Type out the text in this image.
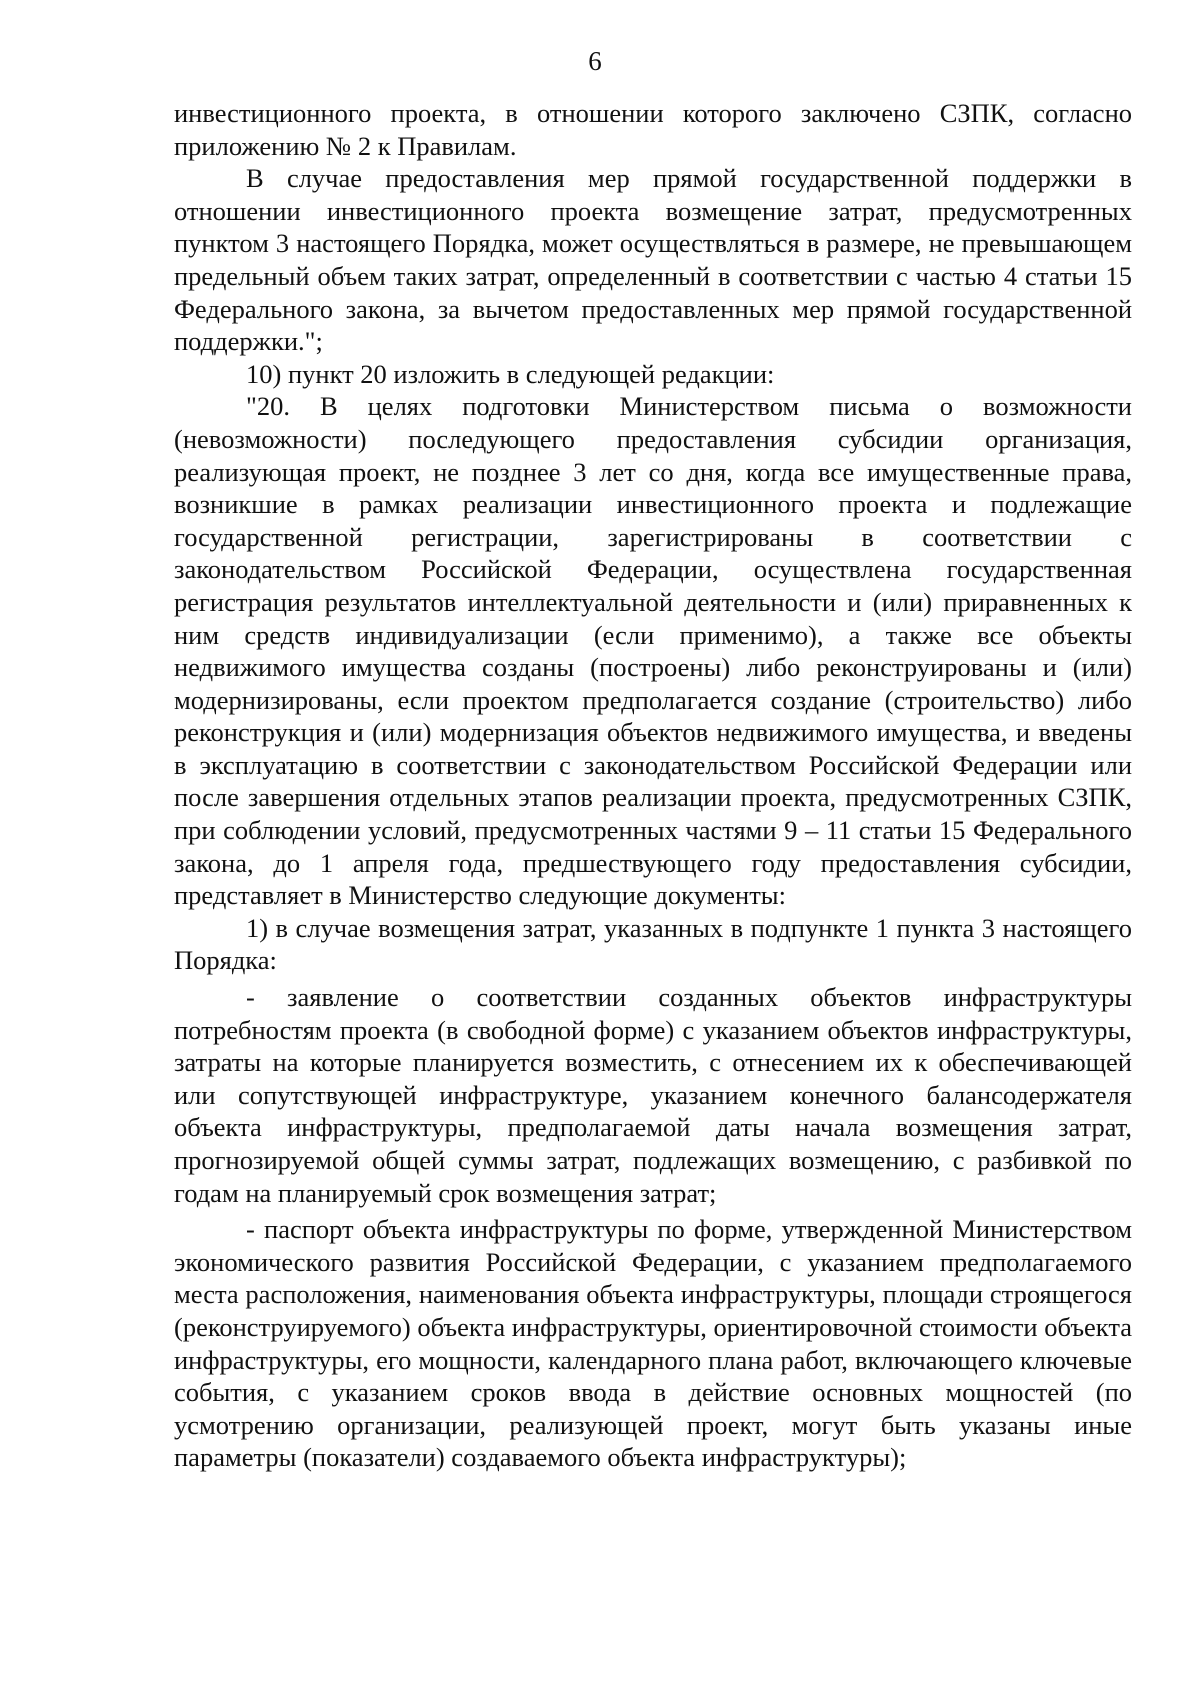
6

инвестиционного проекта, в отношении которого заключено СЗПК, согласно приложению № 2 к Правилам.

В случае предоставления мер прямой государственной поддержки в отношении инвестиционного проекта возмещение затрат, предусмотренных пунктом 3 настоящего Порядка, может осуществляться в размере, не превышающем предельный объем таких затрат, определенный в соответствии с частью 4 статьи 15 Федерального закона, за вычетом предоставленных мер прямой государственной поддержки.";

10) пункт 20 изложить в следующей редакции:

"20. В целях подготовки Министерством письма о возможности (невозможности) последующего предоставления субсидии организация, реализующая проект, не позднее 3 лет со дня, когда все имущественные права, возникшие в рамках реализации инвестиционного проекта и подлежащие государственной регистрации, зарегистрированы в соответствии с законодательством Российской Федерации, осуществлена государственная регистрация результатов интеллектуальной деятельности и (или) приравненных к ним средств индивидуализации (если применимо), а также все объекты недвижимого имущества созданы (построены) либо реконструированы и (или) модернизированы, если проектом предполагается создание (строительство) либо реконструкция и (или) модернизация объектов недвижимого имущества, и введены в эксплуатацию в соответствии с законодательством Российской Федерации или после завершения отдельных этапов реализации проекта, предусмотренных СЗПК, при соблюдении условий, предусмотренных частями 9 – 11 статьи 15 Федерального закона, до 1 апреля года, предшествующего году предоставления субсидии, представляет в Министерство следующие документы:

1) в случае возмещения затрат, указанных в подпункте 1 пункта 3 настоящего Порядка:

- заявление о соответствии созданных объектов инфраструктуры потребностям проекта (в свободной форме) с указанием объектов инфраструктуры, затраты на которые планируется возместить, с отнесением их к обеспечивающей или сопутствующей инфраструктуре, указанием конечного балансодержателя объекта инфраструктуры, предполагаемой даты начала возмещения затрат, прогнозируемой общей суммы затрат, подлежащих возмещению, с разбивкой по годам на планируемый срок возмещения затрат;

- паспорт объекта инфраструктуры по форме, утвержденной Министерством экономического развития Российской Федерации, с указанием предполагаемого места расположения, наименования объекта инфраструктуры, площади строящегося (реконструируемого) объекта инфраструктуры, ориентировочной стоимости объекта инфраструктуры, его мощности, календарного плана работ, включающего ключевые события, с указанием сроков ввода в действие основных мощностей (по усмотрению организации, реализующей проект, могут быть указаны иные параметры (показатели) создаваемого объекта инфраструктуры);
